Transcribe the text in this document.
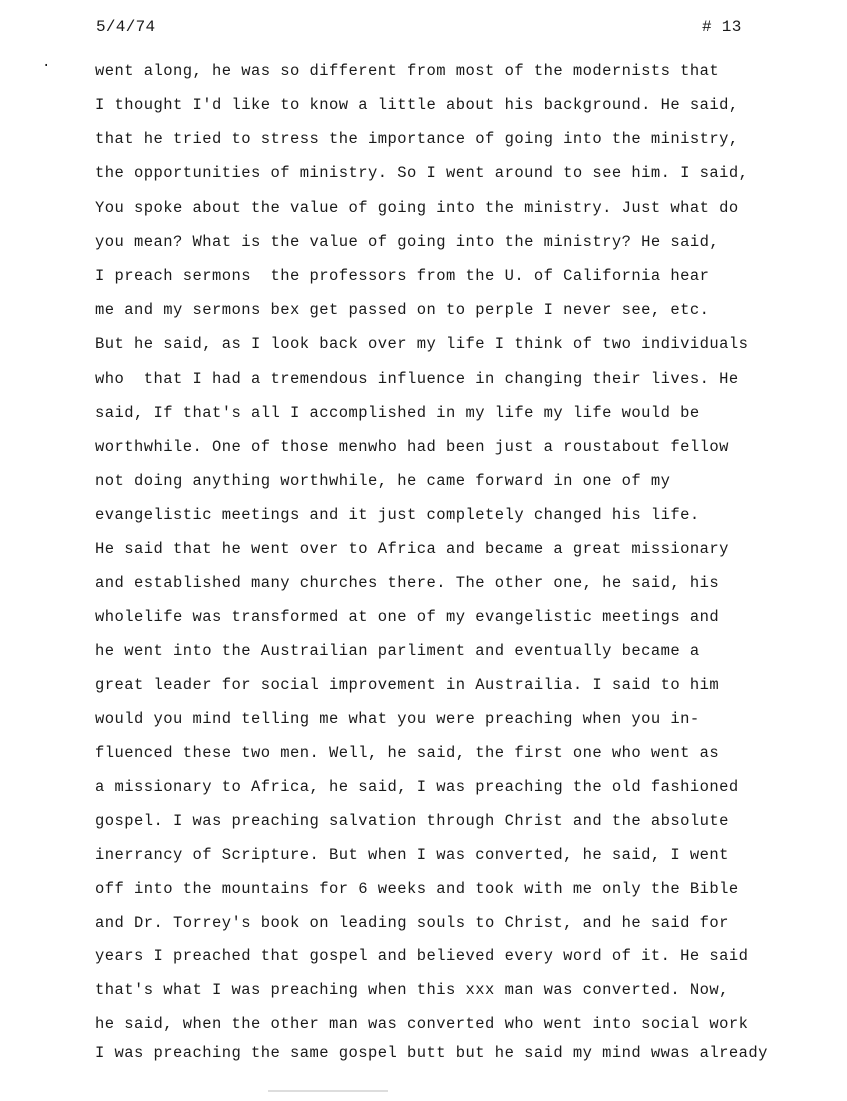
5/4/74	# 13
·	went along, he was so different from most of the modernists that
I thought I'd like to know a little about his background. He said,
that he tried to stress the importance of going into the ministry,
the opportunities of ministry. So I went around to see him. I said,
You spoke about the value of going into the ministry. Just what do
you mean? What is the value of going into the ministry? He said,
I preach sermons  the professors from the U. of California hear
me and my sermons bex get passed on to perple I never see, etc.
But he said, as I look back over my life I think of two individuals
who  that I had a tremendous influence in changing their lives. He
said, If that's all I accomplished in my life my life would be
worthwhile. One of those menwho had been just a roustabout fellow
not doing anything worthwhile, he came forward in one of my
evangelistic meetings and it just completely changed his life.
He said that he went over to Africa and became a great missionary
and established many churches there. The other one, he said, his
wholelife was transformed at one of my evangelistic meetings and
he went into the Austrailian parliment and eventually became a
great leader for social improvement in Austrailia. I said to him
would you mind telling me what you were preaching when you in-
fluenced these two men. Well, he said, the first one who went as
a missionary to Africa, he said, I was preaching the old fashioned
gospel. I was preaching salvation through Christ and the absolute
inerrancy of Scripture. But when I was converted, he said, I went
off into the mountains for 6 weeks and took with me only the Bible
and Dr. Torrey's book on leading souls to Christ, and he said for
years I preached that gospel and believed every word of it. He said
that's what I was preaching when this xxx man was converted. Now,
he said, when the other man was converted who went into social work
I was preaching the same gospel butt but he said my mind wwas already
